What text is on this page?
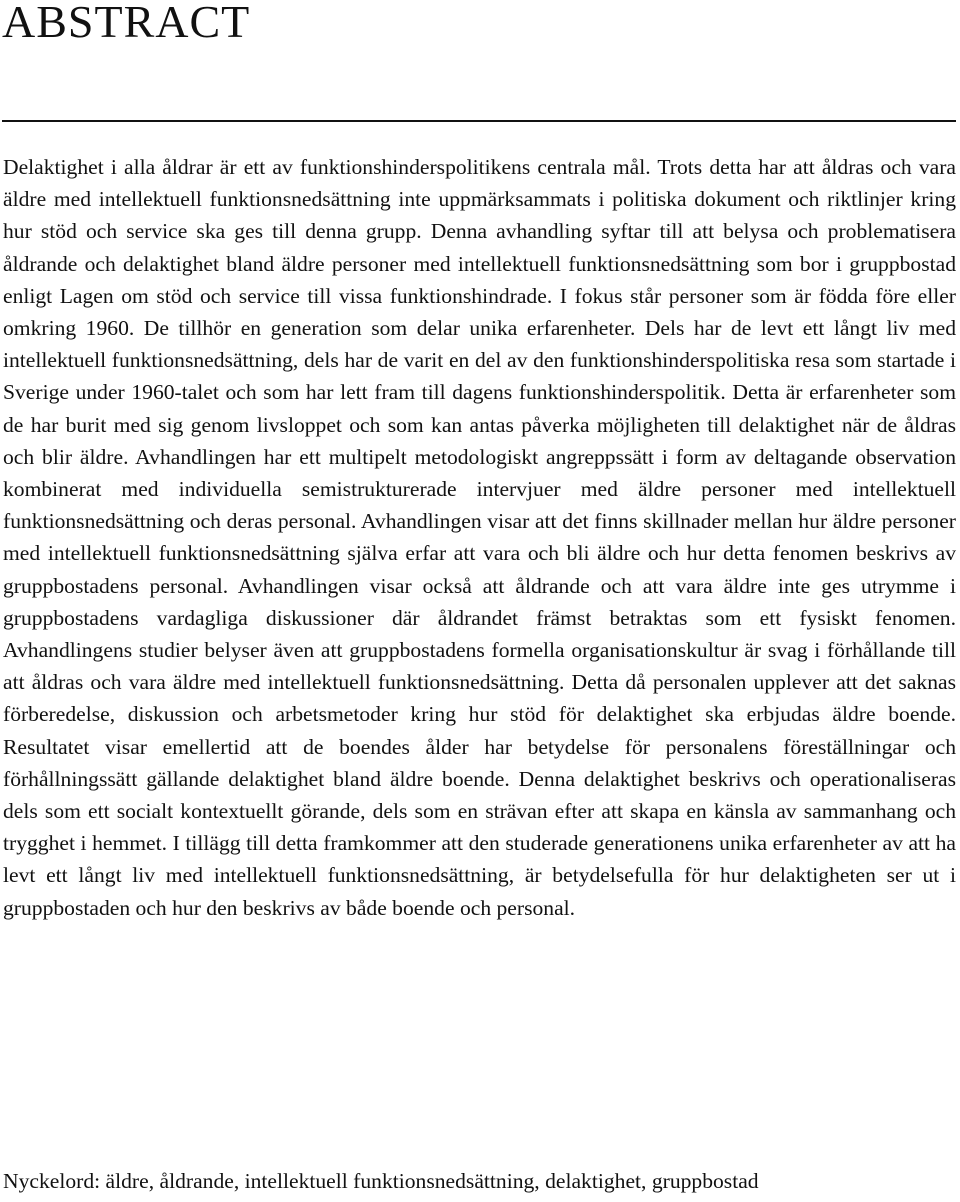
ABSTRACT

Delaktighet i alla åldrar är ett av funktionshinderspolitikens centrala mål. Trots detta har att åldras och vara äldre med intellektuell funktionsnedsättning inte uppmärksammats i politiska dokument och riktlinjer kring hur stöd och service ska ges till denna grupp. Denna avhandling syftar till att belysa och problematisera åldrande och delaktighet bland äldre personer med intellektuell funktionsnedsättning som bor i gruppbostad enligt Lagen om stöd och service till vissa funktionshindrade. I fokus står personer som är födda före eller omkring 1960. De tillhör en generation som delar unika erfarenheter. Dels har de levt ett långt liv med intellektuell funktionsnedsättning, dels har de varit en del av den funktionshinderspolitiska resa som startade i Sverige under 1960-talet och som har lett fram till dagens funktionshinderspolitik. Detta är erfarenheter som de har burit med sig genom livsloppet och som kan antas påverka möjligheten till delaktighet när de åldras och blir äldre. Avhandlingen har ett multipelt metodologiskt angreppssätt i form av deltagande observation kombinerat med individuella semistrukturerade intervjuer med äldre personer med intellektuell funktionsnedsättning och deras personal. Avhandlingen visar att det finns skillnader mellan hur äldre personer med intellektuell funktionsnedsättning själva erfar att vara och bli äldre och hur detta fenomen beskrivs av gruppbostadens personal. Avhandlingen visar också att åldrande och att vara äldre inte ges utrymme i gruppbostadens vardagliga diskussioner där åldrandet främst betraktas som ett fysiskt fenomen. Avhandlingens studier belyser även att gruppbostadens formella organisationskultur är svag i förhållande till att åldras och vara äldre med intellektuell funktionsnedsättning. Detta då personalen upplever att det saknas förberedelse, diskussion och arbetsmetoder kring hur stöd för delaktighet ska erbjudas äldre boende. Resultatet visar emellertid att de boendes ålder har betydelse för personalens föreställningar och förhållningssätt gällande delaktighet bland äldre boende. Denna delaktighet beskrivs och operationaliseras dels som ett socialt kontextuellt görande, dels som en strävan efter att skapa en känsla av sammanhang och trygghet i hemmet. I tillägg till detta framkommer att den studerade generationens unika erfarenheter av att ha levt ett långt liv med intellektuell funktionsnedsättning, är betydelsefulla för hur delaktigheten ser ut i gruppbostaden och hur den beskrivs av både boende och personal.

Nyckelord: äldre, åldrande, intellektuell funktionsnedsättning, delaktighet, gruppbostad
